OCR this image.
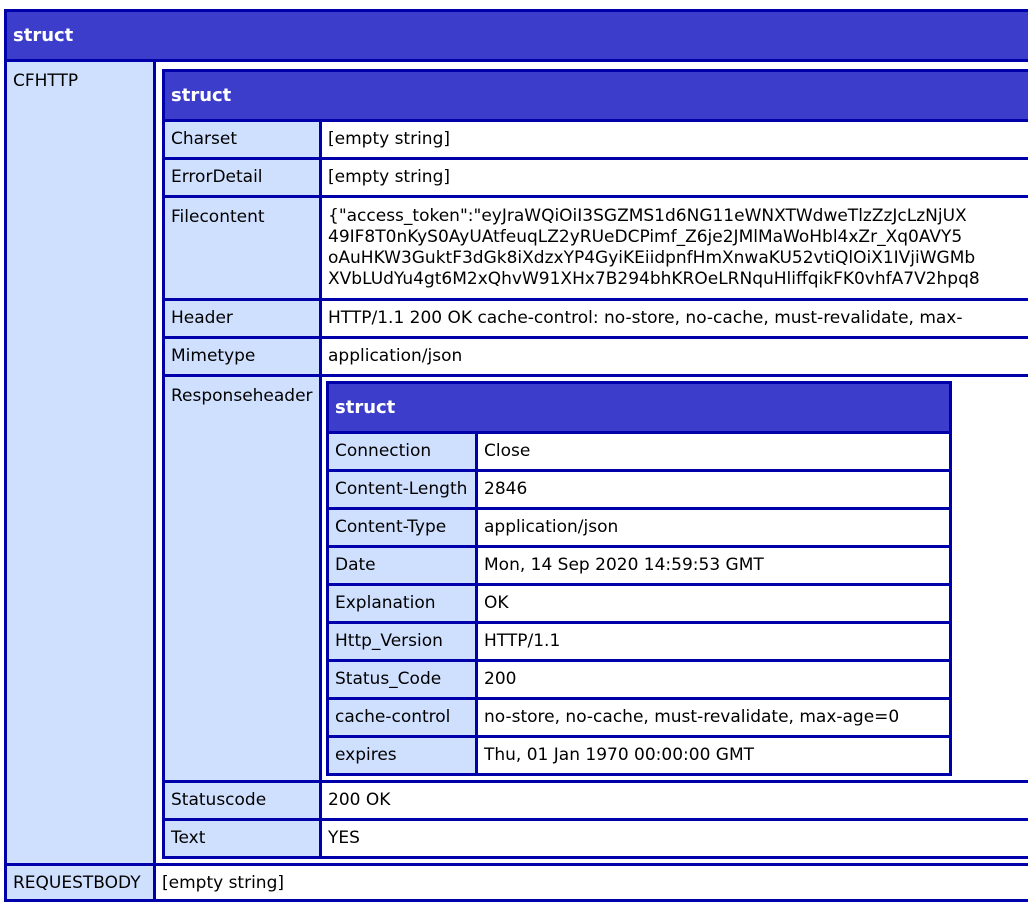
struct
CFHTTP	
struct
Charset	[empty string]
ErrorDetail	[empty string]
Filecontent	{"access_token":"eyJraWQiOiI3SGZMS1d6NG11eWNXTWdweTlzZzJcLzNjUX
49IF8T0nKyS0AyUAtfeuqLZ2yRUeDCPimf_Z6je2JMlMaWoHbl4xZr_Xq0AVY5
oAuHKW3GuktF3dGk8iXdzxYP4GyiKEiidpnfHmXnwaKU52vtiQlOiX1IVjiWGMb
XVbLUdYu4gt6M2xQhvW91XHx7B294bhKROeLRNquHliffqikFK0vhfA7V2hpq8

Header	HTTP/1.1 200 OK cache-control: no-store, no-cache, must-revalidate, max-
Mimetype	application/json
Responseheader	
struct
Connection	Close
Content-Length	2846
Content-Type	application/json
Date	Mon, 14 Sep 2020 14:59:53 GMT
Explanation	OK
Http_Version	HTTP/1.1
Status_Code	200
cache-control	no-store, no-cache, must-revalidate, max-age=0
expires	Thu, 01 Jan 1970 00:00:00 GMT

Statuscode	200 OK
Text	YES

REQUESTBODY	[empty string]
